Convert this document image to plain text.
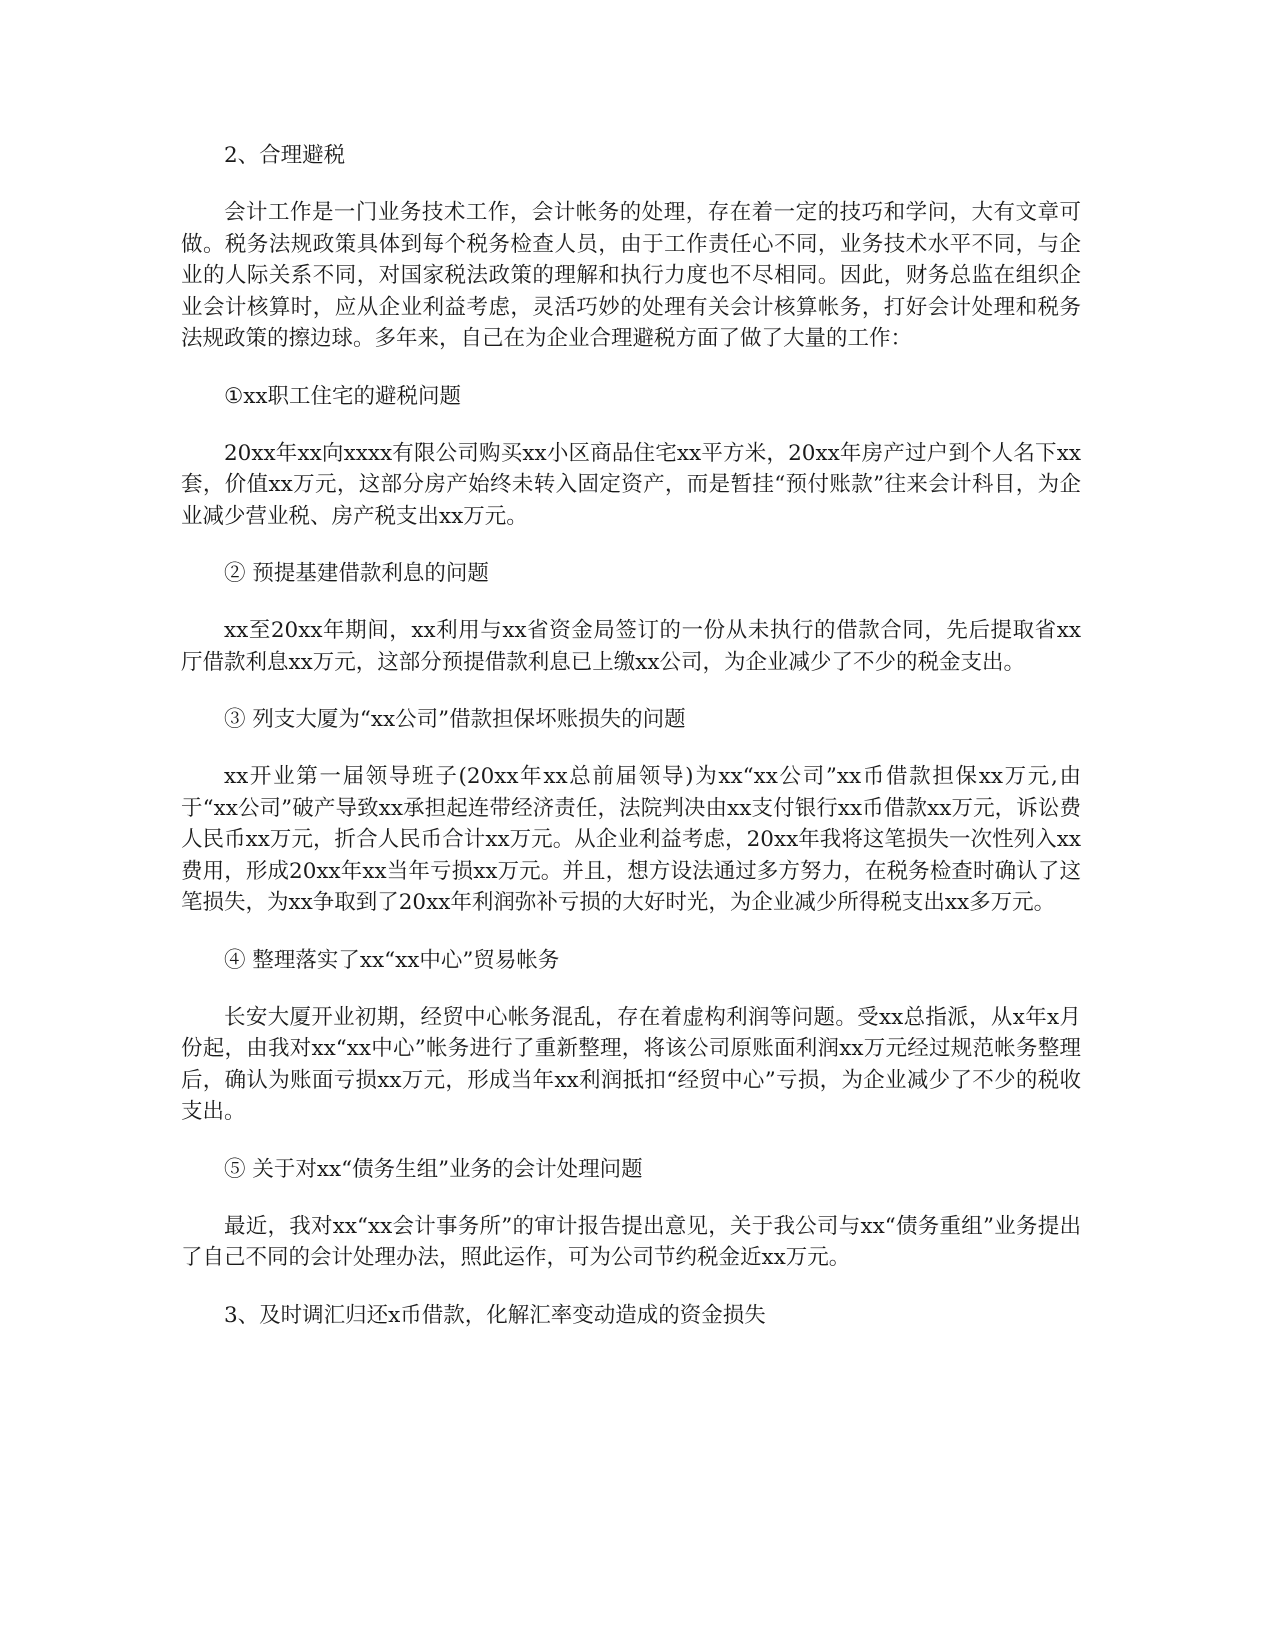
2、合理避税

会计工作是一门业务技术工作，会计帐务的处理，存在着一定的技巧和学问，大有文章可做。税务法规政策具体到每个税务检查人员，由于工作责任心不同，业务技术水平不同，与企业的人际关系不同，对国家税法政策的理解和执行力度也不尽相同。因此，财务总监在组织企业会计核算时，应从企业利益考虑，灵活巧妙的处理有关会计核算帐务，打好会计处理和税务法规政策的擦边球。多年来，自己在为企业合理避税方面了做了大量的工作：

①xx职工住宅的避税问题

20xx年xx向xxxx有限公司购买xx小区商品住宅xx平方米，20xx年房产过户到个人名下xx套，价值xx万元，这部分房产始终未转入固定资产，而是暂挂“预付账款”往来会计科目，为企业减少营业税、房产税支出xx万元。

② 预提基建借款利息的问题

xx至20xx年期间，xx利用与xx省资金局签订的一份从未执行的借款合同，先后提取省xx厅借款利息xx万元，这部分预提借款利息已上缴xx公司，为企业减少了不少的税金支出。

③ 列支大厦为“xx公司”借款担保坏账损失的问题

xx开业第一届领导班子(20xx年xx总前届领导)为xx“xx公司”xx币借款担保xx万元,由于“xx公司”破产导致xx承担起连带经济责任，法院判决由xx支付银行xx币借款xx万元，诉讼费人民币xx万元，折合人民币合计xx万元。从企业利益考虑，20xx年我将这笔损失一次性列入xx费用，形成20xx年xx当年亏损xx万元。并且，想方设法通过多方努力，在税务检查时确认了这笔损失，为xx争取到了20xx年利润弥补亏损的大好时光，为企业减少所得税支出xx多万元。

④ 整理落实了xx“xx中心”贸易帐务

长安大厦开业初期，经贸中心帐务混乱，存在着虚构利润等问题。受xx总指派，从x年x月份起，由我对xx“xx中心”帐务进行了重新整理，将该公司原账面利润xx万元经过规范帐务整理后，确认为账面亏损xx万元，形成当年xx利润抵扣“经贸中心”亏损，为企业减少了不少的税收支出。

⑤ 关于对xx“债务生组”业务的会计处理问题

最近，我对xx“xx会计事务所”的审计报告提出意见，关于我公司与xx“债务重组”业务提出了自己不同的会计处理办法，照此运作，可为公司节约税金近xx万元。

3、及时调汇归还x币借款，化解汇率变动造成的资金损失
